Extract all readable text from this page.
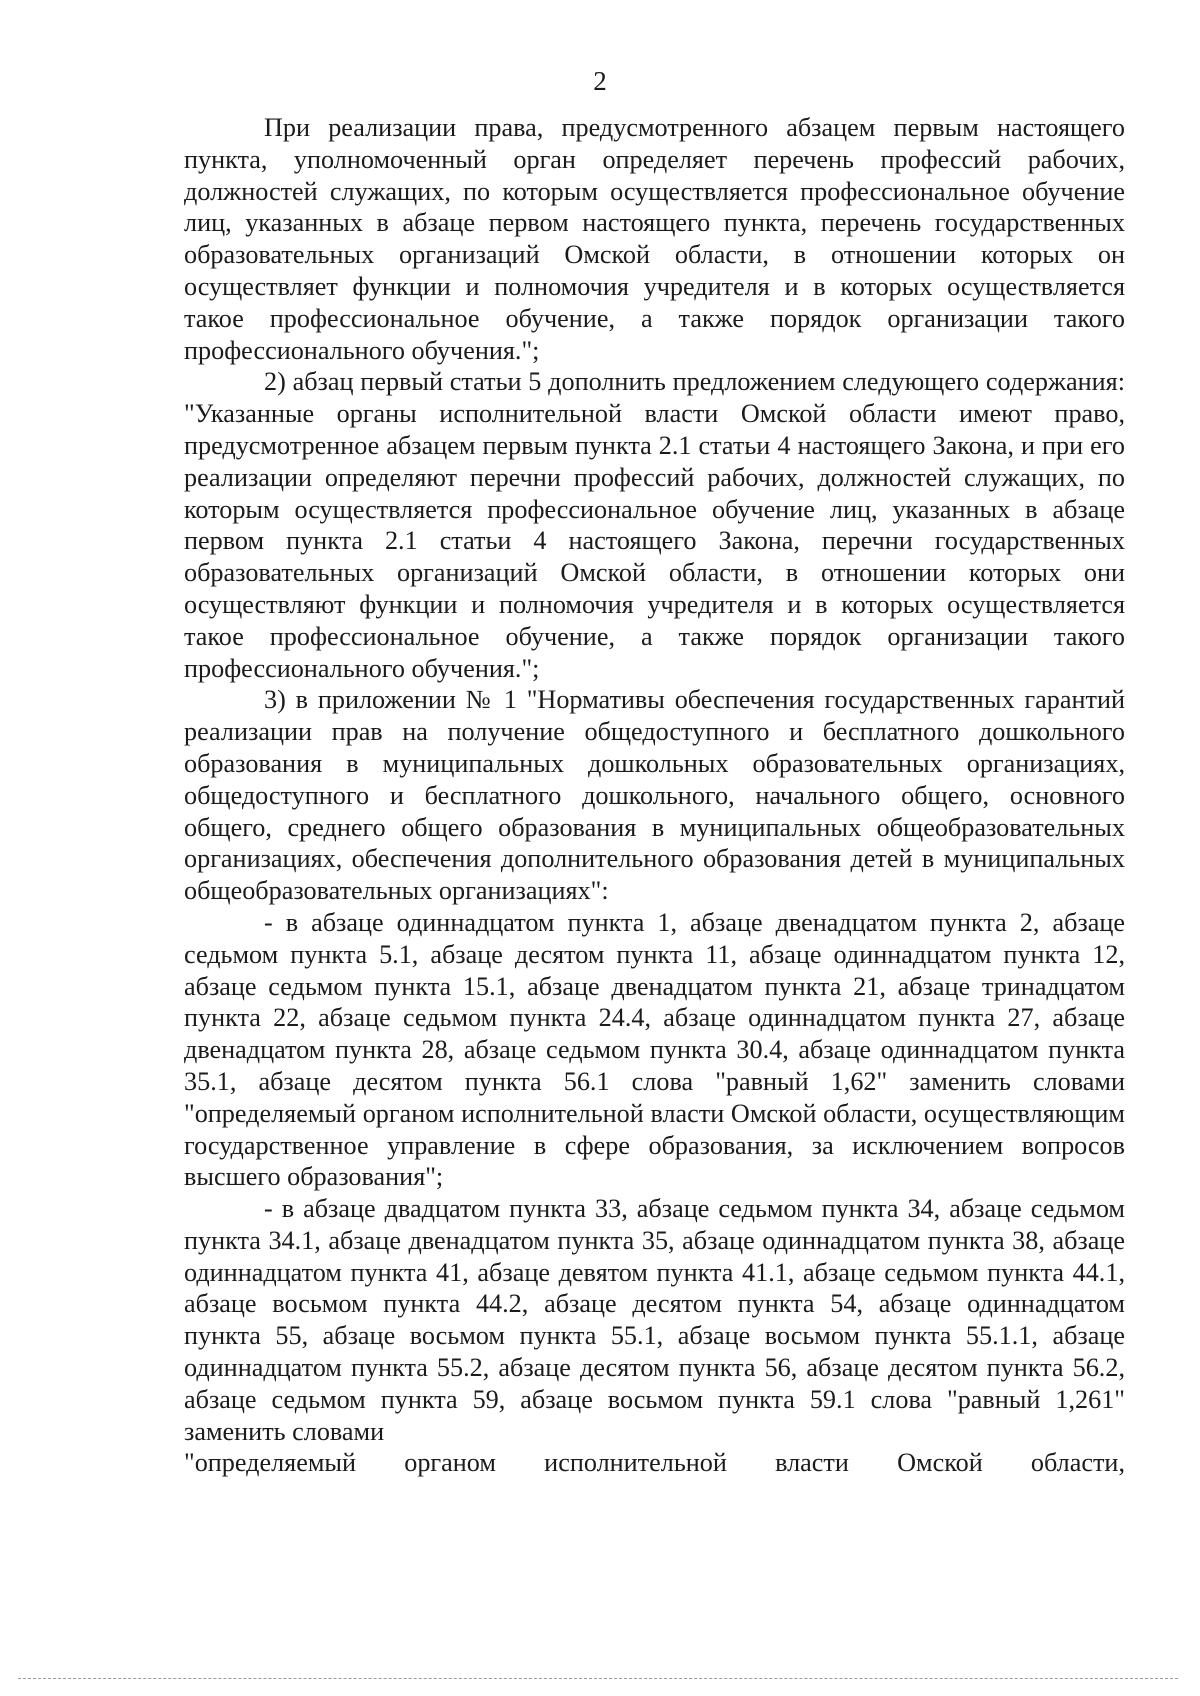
2

При реализации права, предусмотренного абзацем первым настоящего пункта, уполномоченный орган определяет перечень профессий рабочих, должностей служащих, по которым осуществляется профессиональное обучение лиц, указанных в абзаце первом настоящего пункта, перечень государственных образовательных организаций Омской области, в отношении которых он осуществляет функции и полномочия учредителя и в которых осуществляется такое профессиональное обучение, а также порядок организации такого профессионального обучения.";

2) абзац первый статьи 5 дополнить предложением следующего содержания: "Указанные органы исполнительной власти Омской области имеют право, предусмотренное абзацем первым пункта 2.1 статьи 4 настоящего Закона, и при его реализации определяют перечни профессий рабочих, должностей служащих, по которым осуществляется профессиональное обучение лиц, указанных в абзаце первом пункта 2.1 статьи 4 настоящего Закона, перечни государственных образовательных организаций Омской области, в отношении которых они осуществляют функции и полномочия учредителя и в которых осуществляется такое профессиональное обучение, а также порядок организации такого профессионального обучения.";

3) в приложении № 1 "Нормативы обеспечения государственных гарантий реализации прав на получение общедоступного и бесплатного дошкольного образования в муниципальных дошкольных образовательных организациях, общедоступного и бесплатного дошкольного, начального общего, основного общего, среднего общего образования в муниципальных общеобразовательных организациях, обеспечения дополнительного образования детей в муниципальных общеобразовательных организациях":

- в абзаце одиннадцатом пункта 1, абзаце двенадцатом пункта 2, абзаце седьмом пункта 5.1, абзаце десятом пункта 11, абзаце одиннадцатом пункта 12, абзаце седьмом пункта 15.1, абзаце двенадцатом пункта 21, абзаце тринадцатом пункта 22, абзаце седьмом пункта 24.4, абзаце одиннадцатом пункта 27, абзаце двенадцатом пункта 28, абзаце седьмом пункта 30.4, абзаце одиннадцатом пункта 35.1, абзаце десятом пункта 56.1 слова "равный 1,62" заменить словами "определяемый органом исполнительной власти Омской области, осуществляющим государственное управление в сфере образования, за исключением вопросов высшего образования";

- в абзаце двадцатом пункта 33, абзаце седьмом пункта 34, абзаце седьмом пункта 34.1, абзаце двенадцатом пункта 35, абзаце одиннадцатом пункта 38, абзаце одиннадцатом пункта 41, абзаце девятом пункта 41.1, абзаце седьмом пункта 44.1, абзаце восьмом пункта 44.2, абзаце десятом пункта 54, абзаце одиннадцатом пункта 55, абзаце восьмом пункта 55.1, абзаце восьмом пункта 55.1.1, абзаце одиннадцатом пункта 55.2, абзаце десятом пункта 56, абзаце десятом пункта 56.2, абзаце седьмом пункта 59, абзаце восьмом пункта 59.1 слова "равный 1,261" заменить словами

"определяемый органом исполнительной власти Омской области,
